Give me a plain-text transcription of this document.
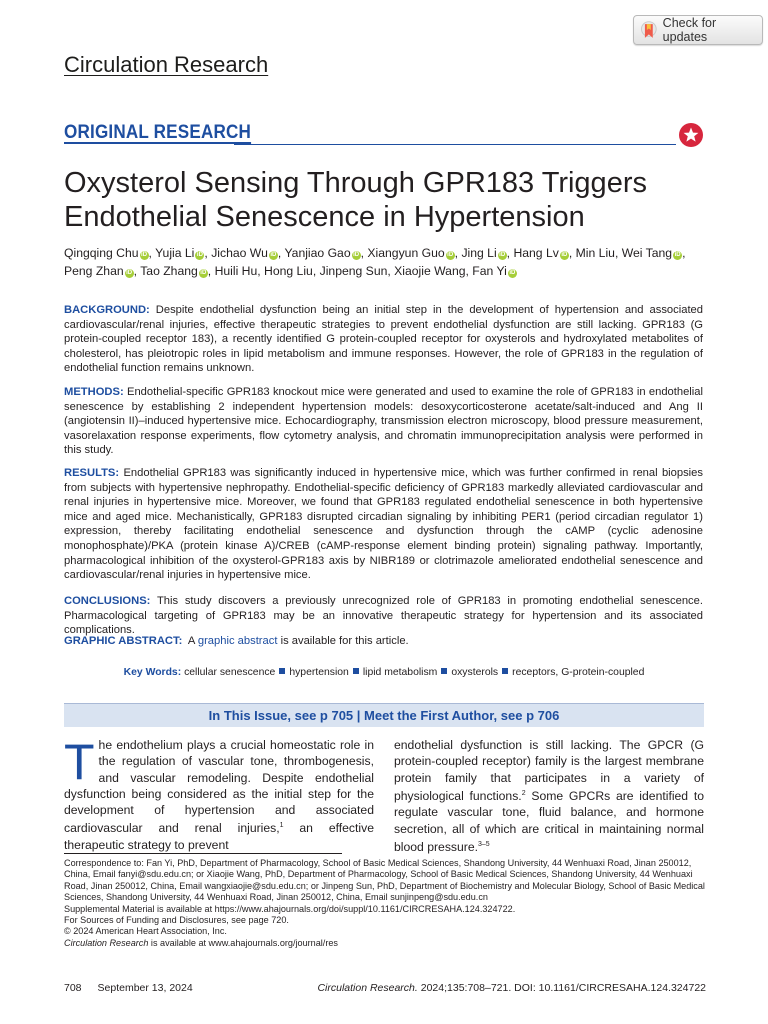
Check for updates
Circulation Research
ORIGINAL RESEARCH
Oxysterol Sensing Through GPR183 Triggers
Endothelial Senescence in Hypertension
Qingqing Chu iD , Yujia Li iD , Jichao Wu iD , Yanjiao Gao iD , Xiangyun Guo iD , Jing Li iD , Hang Lv iD , Min Liu, Wei Tang iD , Peng Zhan iD , Tao Zhang iD , Huili Hu, Hong Liu, Jinpeng Sun, Xiaojie Wang, Fan Yi iD

BACKGROUND: Despite endothelial dysfunction being an initial step in the development of hypertension and associated cardiovascular/renal injuries, effective therapeutic strategies to prevent endothelial dysfunction are still lacking. GPR183 (G protein-coupled receptor 183), a recently identified G protein-coupled receptor for oxysterols and hydroxylated metabolites of cholesterol, has pleiotropic roles in lipid metabolism and immune responses. However, the role of GPR183 in the regulation of endothelial function remains unknown.

METHODS: Endothelial-specific GPR183 knockout mice were generated and used to examine the role of GPR183 in endothelial senescence by establishing 2 independent hypertension models: desoxycorticosterone acetate/salt-induced and Ang II (angiotensin II)–induced hypertensive mice. Echocardiography, transmission electron microscopy, blood pressure measurement, vasorelaxation response experiments, flow cytometry analysis, and chromatin immunoprecipitation analysis were performed in this study.

RESULTS: Endothelial GPR183 was significantly induced in hypertensive mice, which was further confirmed in renal biopsies from subjects with hypertensive nephropathy. Endothelial-specific deficiency of GPR183 markedly alleviated cardiovascular and renal injuries in hypertensive mice. Moreover, we found that GPR183 regulated endothelial senescence in both hypertensive mice and aged mice. Mechanistically, GPR183 disrupted circadian signaling by inhibiting PER1 (period circadian regulator 1) expression, thereby facilitating endothelial senescence and dysfunction through the cAMP (cyclic adenosine monophosphate)/PKA (protein kinase A)/CREB (cAMP-response element binding protein) signaling pathway. Importantly, pharmacological inhibition of the oxysterol-GPR183 axis by NIBR189 or clotrimazole ameliorated endothelial senescence and cardiovascular/renal injuries in hypertensive mice.

CONCLUSIONS: This study discovers a previously unrecognized role of GPR183 in promoting endothelial senescence. Pharmacological targeting of GPR183 may be an innovative therapeutic strategy for hypertension and its associated complications.

GRAPHIC ABSTRACT:  A graphic abstract is available for this article.

Key Words: cellular senescence hypertension lipid metabolism oxysterols receptors, G-protein-coupled
In This Issue, see p 705 | Meet the First Author, see p 706

The endothelium plays a crucial homeostatic role in the regulation of vascular tone, thrombogenesis, and vascular remodeling. Despite endothelial dysfunction being considered as the initial step for the development of hypertension and associated cardiovascular and renal injuries,$^1$ an effective therapeutic strategy to prevent

endothelial dysfunction is still lacking. The GPCR (G protein-coupled receptor) family is the largest membrane protein family that participates in a variety of physiological functions.$^2$ Some GPCRs are identified to regulate vascular tone, fluid balance, and hormone secretion, all of which are critical in maintaining normal blood pressure.$^{3-5}$

Correspondence to: Fan Yi, PhD, Department of Pharmacology, School of Basic Medical Sciences, Shandong University, 44 Wenhuaxi Road, Jinan 250012, China, Email fanyi@sdu.edu.cn; or Xiaojie Wang, PhD, Department of Pharmacology, School of Basic Medical Sciences, Shandong University, 44 Wenhuaxi Road, Jinan 250012, China, Email wangxiaojie@sdu.edu.cn; or Jinpeng Sun, PhD, Department of Biochemistry and Molecular Biology, School of Basic Medical Sciences, Shandong University, 44 Wenhuaxi Road, Jinan 250012, China, Email sunjinpeng@sdu.edu.cn
Supplemental Material is available at https://www.ahajournals.org/doi/suppl/10.1161/CIRCRESAHA.124.324722.
For Sources of Funding and Disclosures, see page 720.
© 2024 American Heart Association, Inc.
Circulation Research is available at www.ahajournals.org/journal/res
708 September 13, 2024	Circulation Research. 2024;135:708–721. DOI: 10.1161/CIRCRESAHA.124.324722
